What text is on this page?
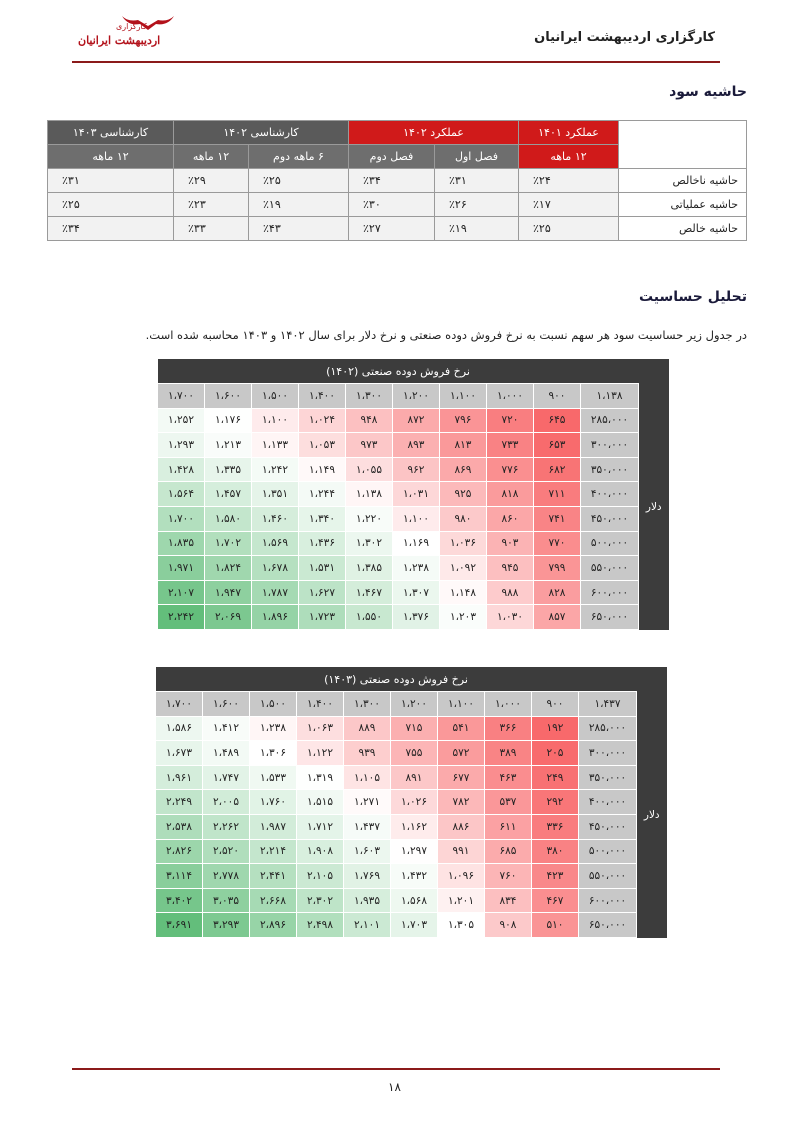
کارگزاری
اردیبهشت ایرانیان	کارگزاری اردیبهشت ایرانیان
حاشیه سود
حاشیه سود	عملکرد ۱۴۰۱	عملکرد ۱۴۰۲		کارشناسی ۱۴۰۲		کارشناسی ۱۴۰۳
	۱۲ ماهه	فصل اول	فصل دوم	۶ ماهه دوم	۱۲ ماهه	۱۲ ماهه
حاشیه ناخالص	٪۲۴	٪۳۱	٪۳۴	٪۲۵	٪۲۹	٪۳۱
حاشیه عملیاتی	٪۱۷	٪۲۶	٪۳۰	٪۱۹	٪۲۳	٪۲۵
حاشیه خالص	٪۲۵	٪۱۹	٪۲۷	٪۴۳	٪۳۳	٪۳۴
تحلیل حساسیت
در جدول زیر حساسیت سود هر سهم نسبت به نرخ فروش دوده صنعتی و نرخ دلار برای سال ۱۴۰۲ و ۱۴۰۳ محاسبه شده است.
	نرخ فروش دوده صنعتی (۱۴۰۲)									
دلار	۱،۱۳۸	۹۰۰	۱،۰۰۰	۱،۱۰۰	۱،۲۰۰	۱،۳۰۰	۱،۴۰۰	۱،۵۰۰	۱،۶۰۰	۱،۷۰۰
	۲۸۵،۰۰۰	۶۴۵	۷۲۰	۷۹۶	۸۷۲	۹۴۸	۱،۰۲۴	۱،۱۰۰	۱،۱۷۶	۱،۲۵۲
	۳۰۰،۰۰۰	۶۵۳	۷۳۳	۸۱۳	۸۹۳	۹۷۳	۱،۰۵۳	۱،۱۳۳	۱،۲۱۳	۱،۲۹۳
	۳۵۰،۰۰۰	۶۸۲	۷۷۶	۸۶۹	۹۶۲	۱،۰۵۵	۱،۱۴۹	۱،۲۴۲	۱،۳۳۵	۱،۴۲۸
	۴۰۰،۰۰۰	۷۱۱	۸۱۸	۹۲۵	۱،۰۳۱	۱،۱۳۸	۱،۲۴۴	۱،۳۵۱	۱،۴۵۷	۱،۵۶۴
	۴۵۰،۰۰۰	۷۴۱	۸۶۰	۹۸۰	۱،۱۰۰	۱،۲۲۰	۱،۳۴۰	۱،۴۶۰	۱،۵۸۰	۱،۷۰۰
	۵۰۰،۰۰۰	۷۷۰	۹۰۳	۱،۰۳۶	۱،۱۶۹	۱،۳۰۲	۱،۴۳۶	۱،۵۶۹	۱،۷۰۲	۱،۸۳۵
	۵۵۰،۰۰۰	۷۹۹	۹۴۵	۱،۰۹۲	۱،۲۳۸	۱،۳۸۵	۱،۵۳۱	۱،۶۷۸	۱،۸۲۴	۱،۹۷۱
	۶۰۰،۰۰۰	۸۲۸	۹۸۸	۱،۱۴۸	۱،۳۰۷	۱،۴۶۷	۱،۶۲۷	۱،۷۸۷	۱،۹۴۷	۲،۱۰۷
	۶۵۰،۰۰۰	۸۵۷	۱،۰۳۰	۱،۲۰۳	۱،۳۷۶	۱،۵۵۰	۱،۷۲۳	۱،۸۹۶	۲،۰۶۹	۲،۲۴۲
	نرخ فروش دوده صنعتی (۱۴۰۳)									
دلار	۱،۴۳۷	۹۰۰	۱،۰۰۰	۱،۱۰۰	۱،۲۰۰	۱،۳۰۰	۱،۴۰۰	۱،۵۰۰	۱،۶۰۰	۱،۷۰۰
	۲۸۵،۰۰۰	۱۹۲	۳۶۶	۵۴۱	۷۱۵	۸۸۹	۱،۰۶۳	۱،۲۳۸	۱،۴۱۲	۱،۵۸۶
	۳۰۰،۰۰۰	۲۰۵	۳۸۹	۵۷۲	۷۵۵	۹۳۹	۱،۱۲۲	۱،۳۰۶	۱،۴۸۹	۱،۶۷۳
	۳۵۰،۰۰۰	۲۴۹	۴۶۳	۶۷۷	۸۹۱	۱،۱۰۵	۱،۳۱۹	۱،۵۳۳	۱،۷۴۷	۱،۹۶۱
	۴۰۰،۰۰۰	۲۹۲	۵۳۷	۷۸۲	۱،۰۲۶	۱،۲۷۱	۱،۵۱۵	۱،۷۶۰	۲،۰۰۵	۲،۲۴۹
	۴۵۰،۰۰۰	۳۳۶	۶۱۱	۸۸۶	۱،۱۶۲	۱،۴۳۷	۱،۷۱۲	۱،۹۸۷	۲،۲۶۲	۲،۵۳۸
	۵۰۰،۰۰۰	۳۸۰	۶۸۵	۹۹۱	۱،۲۹۷	۱،۶۰۳	۱،۹۰۸	۲،۲۱۴	۲،۵۲۰	۲،۸۲۶
	۵۵۰،۰۰۰	۴۲۳	۷۶۰	۱،۰۹۶	۱،۴۳۲	۱،۷۶۹	۲،۱۰۵	۲،۴۴۱	۲،۷۷۸	۳،۱۱۴
	۶۰۰،۰۰۰	۴۶۷	۸۳۴	۱،۲۰۱	۱،۵۶۸	۱،۹۳۵	۲،۳۰۲	۲،۶۶۸	۳،۰۳۵	۳،۴۰۲
	۶۵۰،۰۰۰	۵۱۰	۹۰۸	۱،۳۰۵	۱،۷۰۳	۲،۱۰۱	۲،۴۹۸	۲،۸۹۶	۳،۲۹۳	۳،۶۹۱
۱۸
